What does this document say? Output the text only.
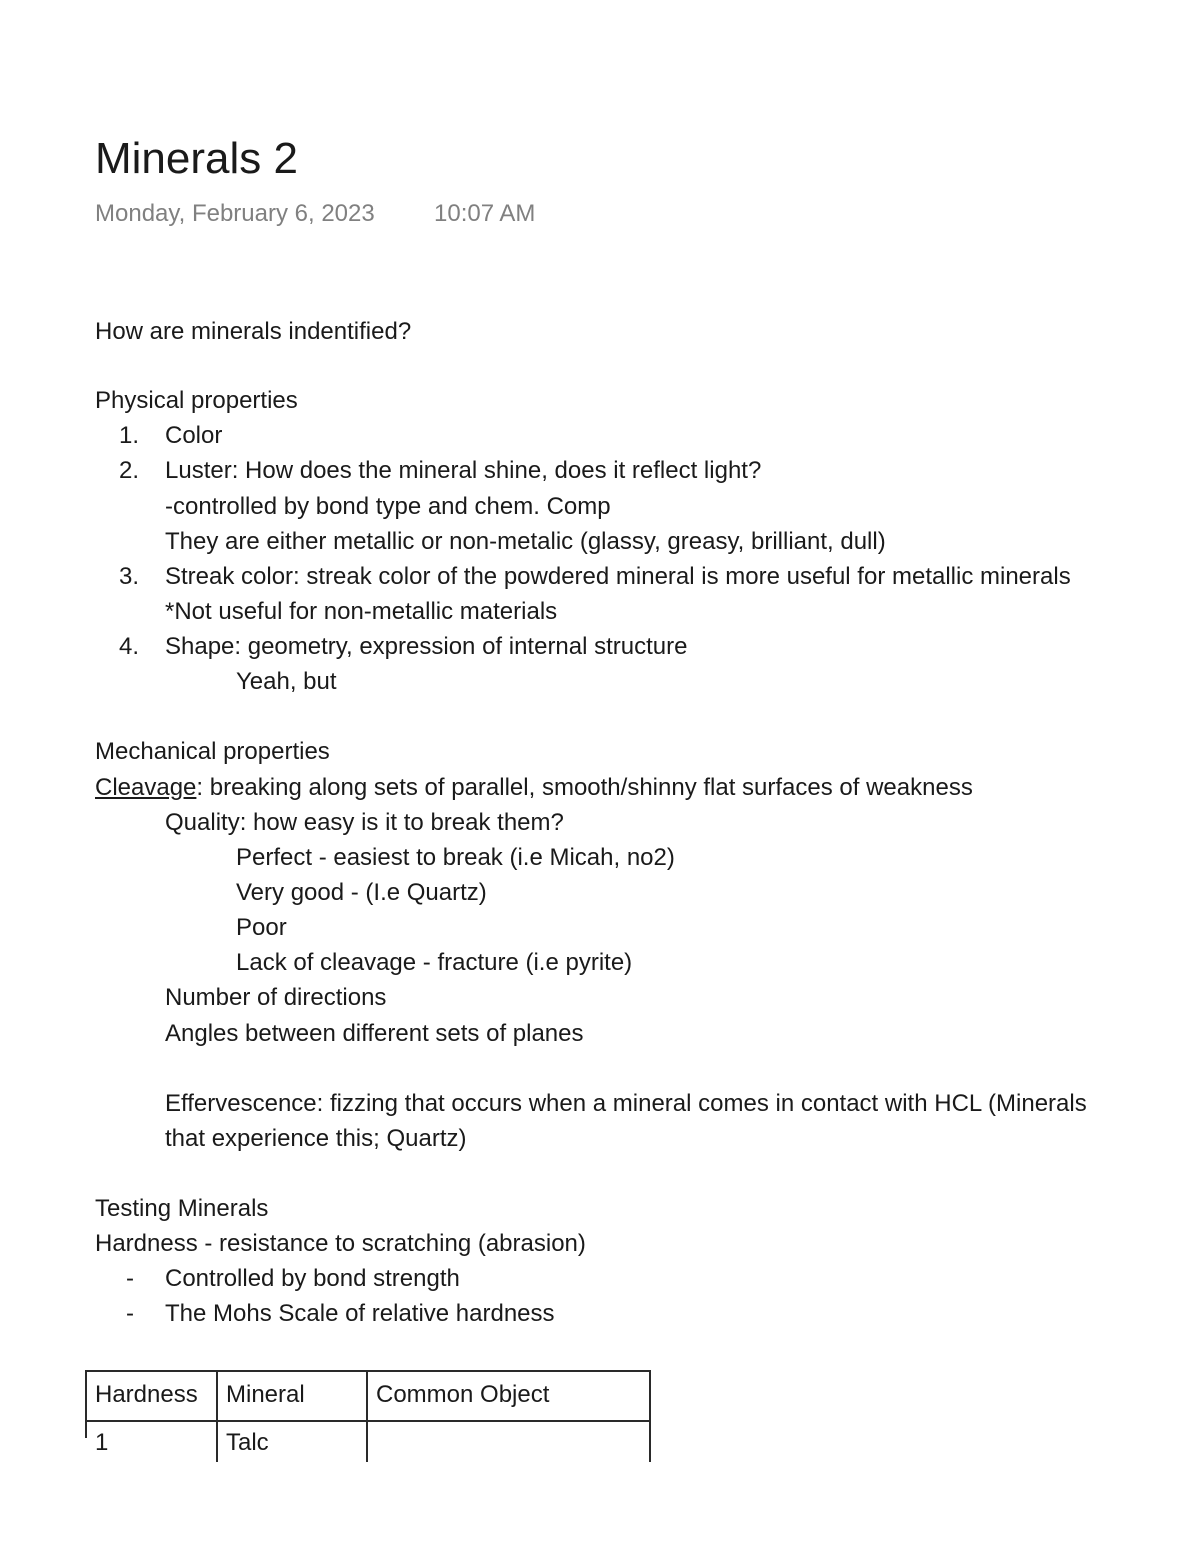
Minerals 2
Monday, February 6, 2023 10:07 AM
How are minerals indentified?
Physical properties
1. Color
2. Luster: How does the mineral shine, does it reflect light?
-controlled by bond type and chem. Comp
They are either metallic or non-metalic (glassy, greasy, brilliant, dull)
3. Streak color: streak color of the powdered mineral is more useful for metallic minerals
*Not useful for non-metallic materials
4. Shape: geometry, expression of internal structure
Yeah, but
Mechanical properties
Cleavage: breaking along sets of parallel, smooth/shinny flat surfaces of weakness
Quality: how easy is it to break them?
Perfect - easiest to break (i.e Micah, no2)
Very good - (I.e Quartz)
Poor
Lack of cleavage - fracture (i.e pyrite)
Number of directions
Angles between different sets of planes
Effervescence: fizzing that occurs when a mineral comes in contact with HCL (Minerals
that experience this; Quartz)
Testing Minerals
Hardness - resistance to scratching (abrasion)
- Controlled by bond strength
- The Mohs Scale of relative hardness
Hardness	Mineral	Common Object
1	Talc
